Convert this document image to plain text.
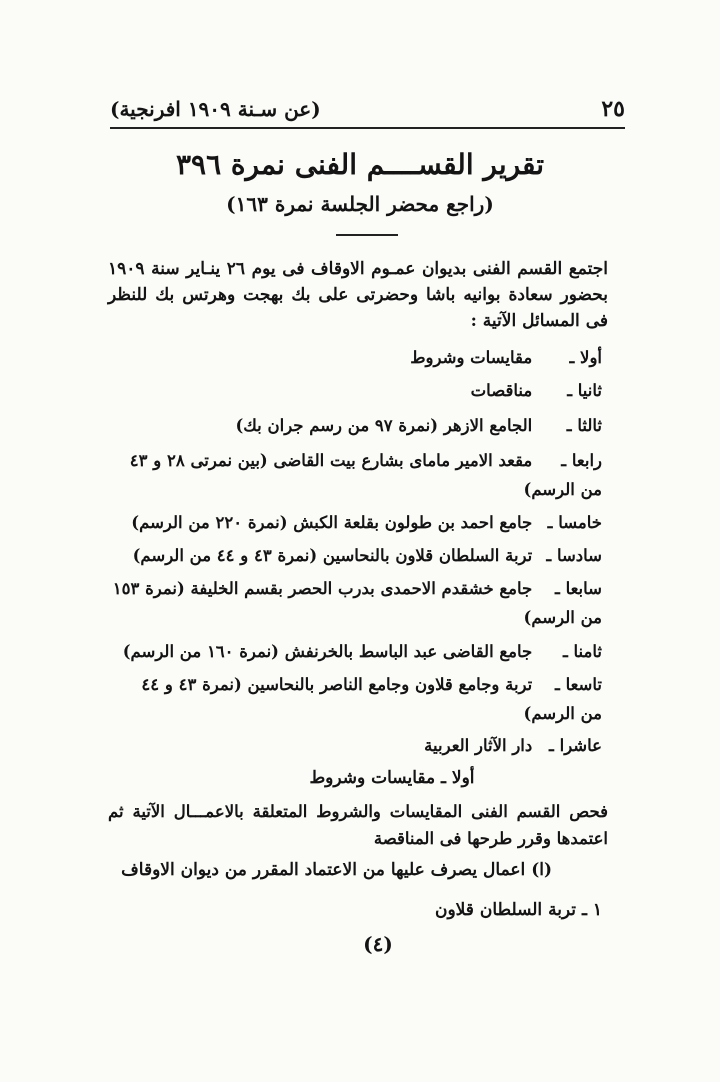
٢٥
(عن سـنة ١٩٠٩ افرنجية)
تقرير القســــم الفنى نمرة ٣٩٦
(راجع محضر الجلسة نمرة ١٦٣)
اجتمع القسم الفنى بديوان عمـوم الاوقاف فى يوم ٢٦ ينـاير سنة ١٩٠٩ بحضور سعادة بوانيه باشا وحضرتى على بك بهجت وهرتس بك للنظر فى المسائل الآتية :
أولا ـ مقايسات وشروط
ثانيا ـ مناقصات
ثالثا ـ الجامع الازهر (نمرة ٩٧ من رسم جران بك)
رابعا ـ مقعد الامير ماماى بشارع بيت القاضى (بين نمرتى ٢٨ و ٤٣
من الرسم)
خامسا ـ جامع احمد بن طولون بقلعة الكبش (نمرة ٢٢٠ من الرسم)
سادسا ـ تربة السلطان قلاون بالنحاسين (نمرة ٤٣ و ٤٤ من الرسم)
سابعا ـ جامع خشقدم الاحمدى بدرب الحصر بقسم الخليفة (نمرة ١٥٣
من الرسم)
ثامنا ـ جامع القاضى عبد الباسط بالخرنفش (نمرة ١٦٠ من الرسم)
تاسعا ـ تربة وجامع قلاون وجامع الناصر بالنحاسين (نمرة ٤٣ و ٤٤
من الرسم)
عاشرا ـ دار الآثار العربية
أولا ـ مقايسات وشروط
فحص القسم الفنى المقايسات والشروط المتعلقة بالاعمـــال الآتية ثم اعتمدها وقرر طرحها فى المناقصة
(ا) اعمال يصرف عليها من الاعتماد المقرر من ديوان الاوقاف
١ ـ تربة السلطان قلاون
(٤)
